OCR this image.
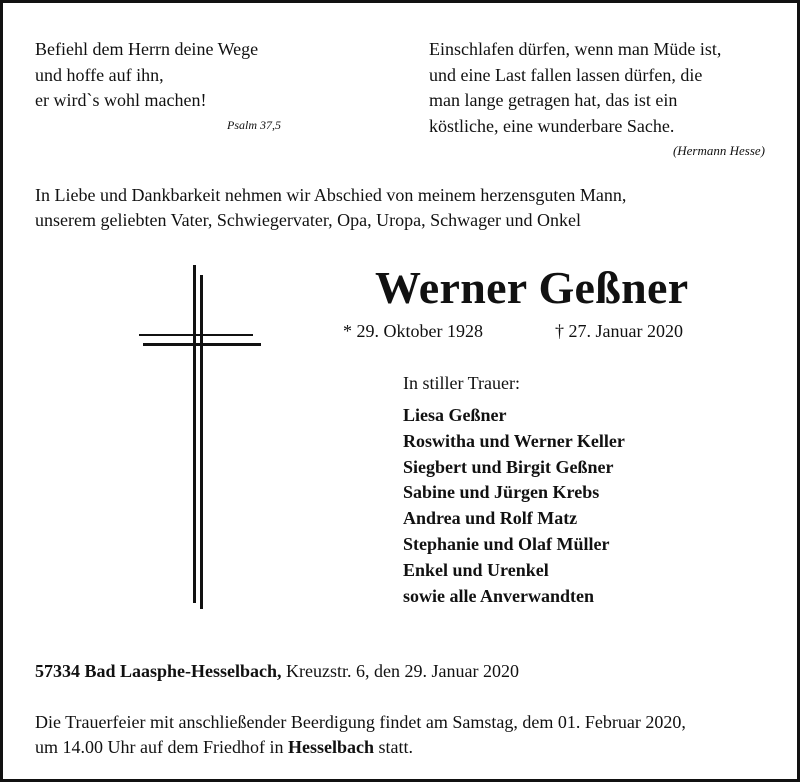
Befiehl dem Herrn deine Wege
und hoffe auf ihn,
er wird`s wohl machen!
Psalm 37,5
Einschlafen dürfen, wenn man Müde ist,
und eine Last fallen lassen dürfen, die
man lange getragen hat, das ist ein
köstliche, eine wunderbare Sache.
(Hermann Hesse)
In Liebe und Dankbarkeit nehmen wir Abschied von meinem herzensguten Mann,
unserem geliebten Vater, Schwiegervater, Opa, Uropa, Schwager und Onkel
Werner Geßner
* 29. Oktober 1928	† 27. Januar 2020
In stiller Trauer:
Liesa Geßner
Roswitha und Werner Keller
Siegbert und Birgit Geßner
Sabine und Jürgen Krebs
Andrea und Rolf Matz
Stephanie und Olaf Müller
Enkel und Urenkel
sowie alle Anverwandten
57334 Bad Laasphe-Hesselbach, Kreuzstr. 6, den 29. Januar 2020
Die Trauerfeier mit anschließender Beerdigung findet am Samstag, dem 01. Februar 2020,
um 14.00 Uhr auf dem Friedhof in Hesselbach statt.
